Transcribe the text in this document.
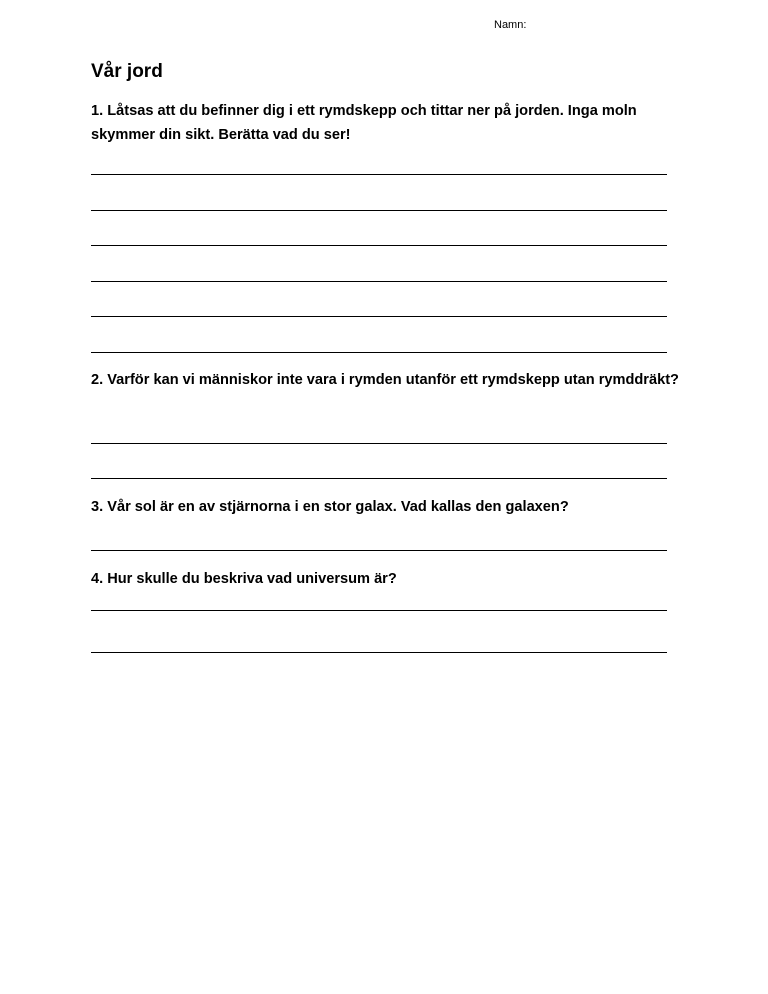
Namn:
Vår jord

1. Låtsas att du befinner dig i ett rymdskepp och tittar ner på jorden. Inga moln skymmer din sikt. Berätta vad du ser!

2. Varför kan vi människor inte vara i rymden utanför ett rymdskepp utan rymddräkt?

3. Vår sol är en av stjärnorna i en stor galax. Vad kallas den galaxen?

4. Hur skulle du beskriva vad universum är?
